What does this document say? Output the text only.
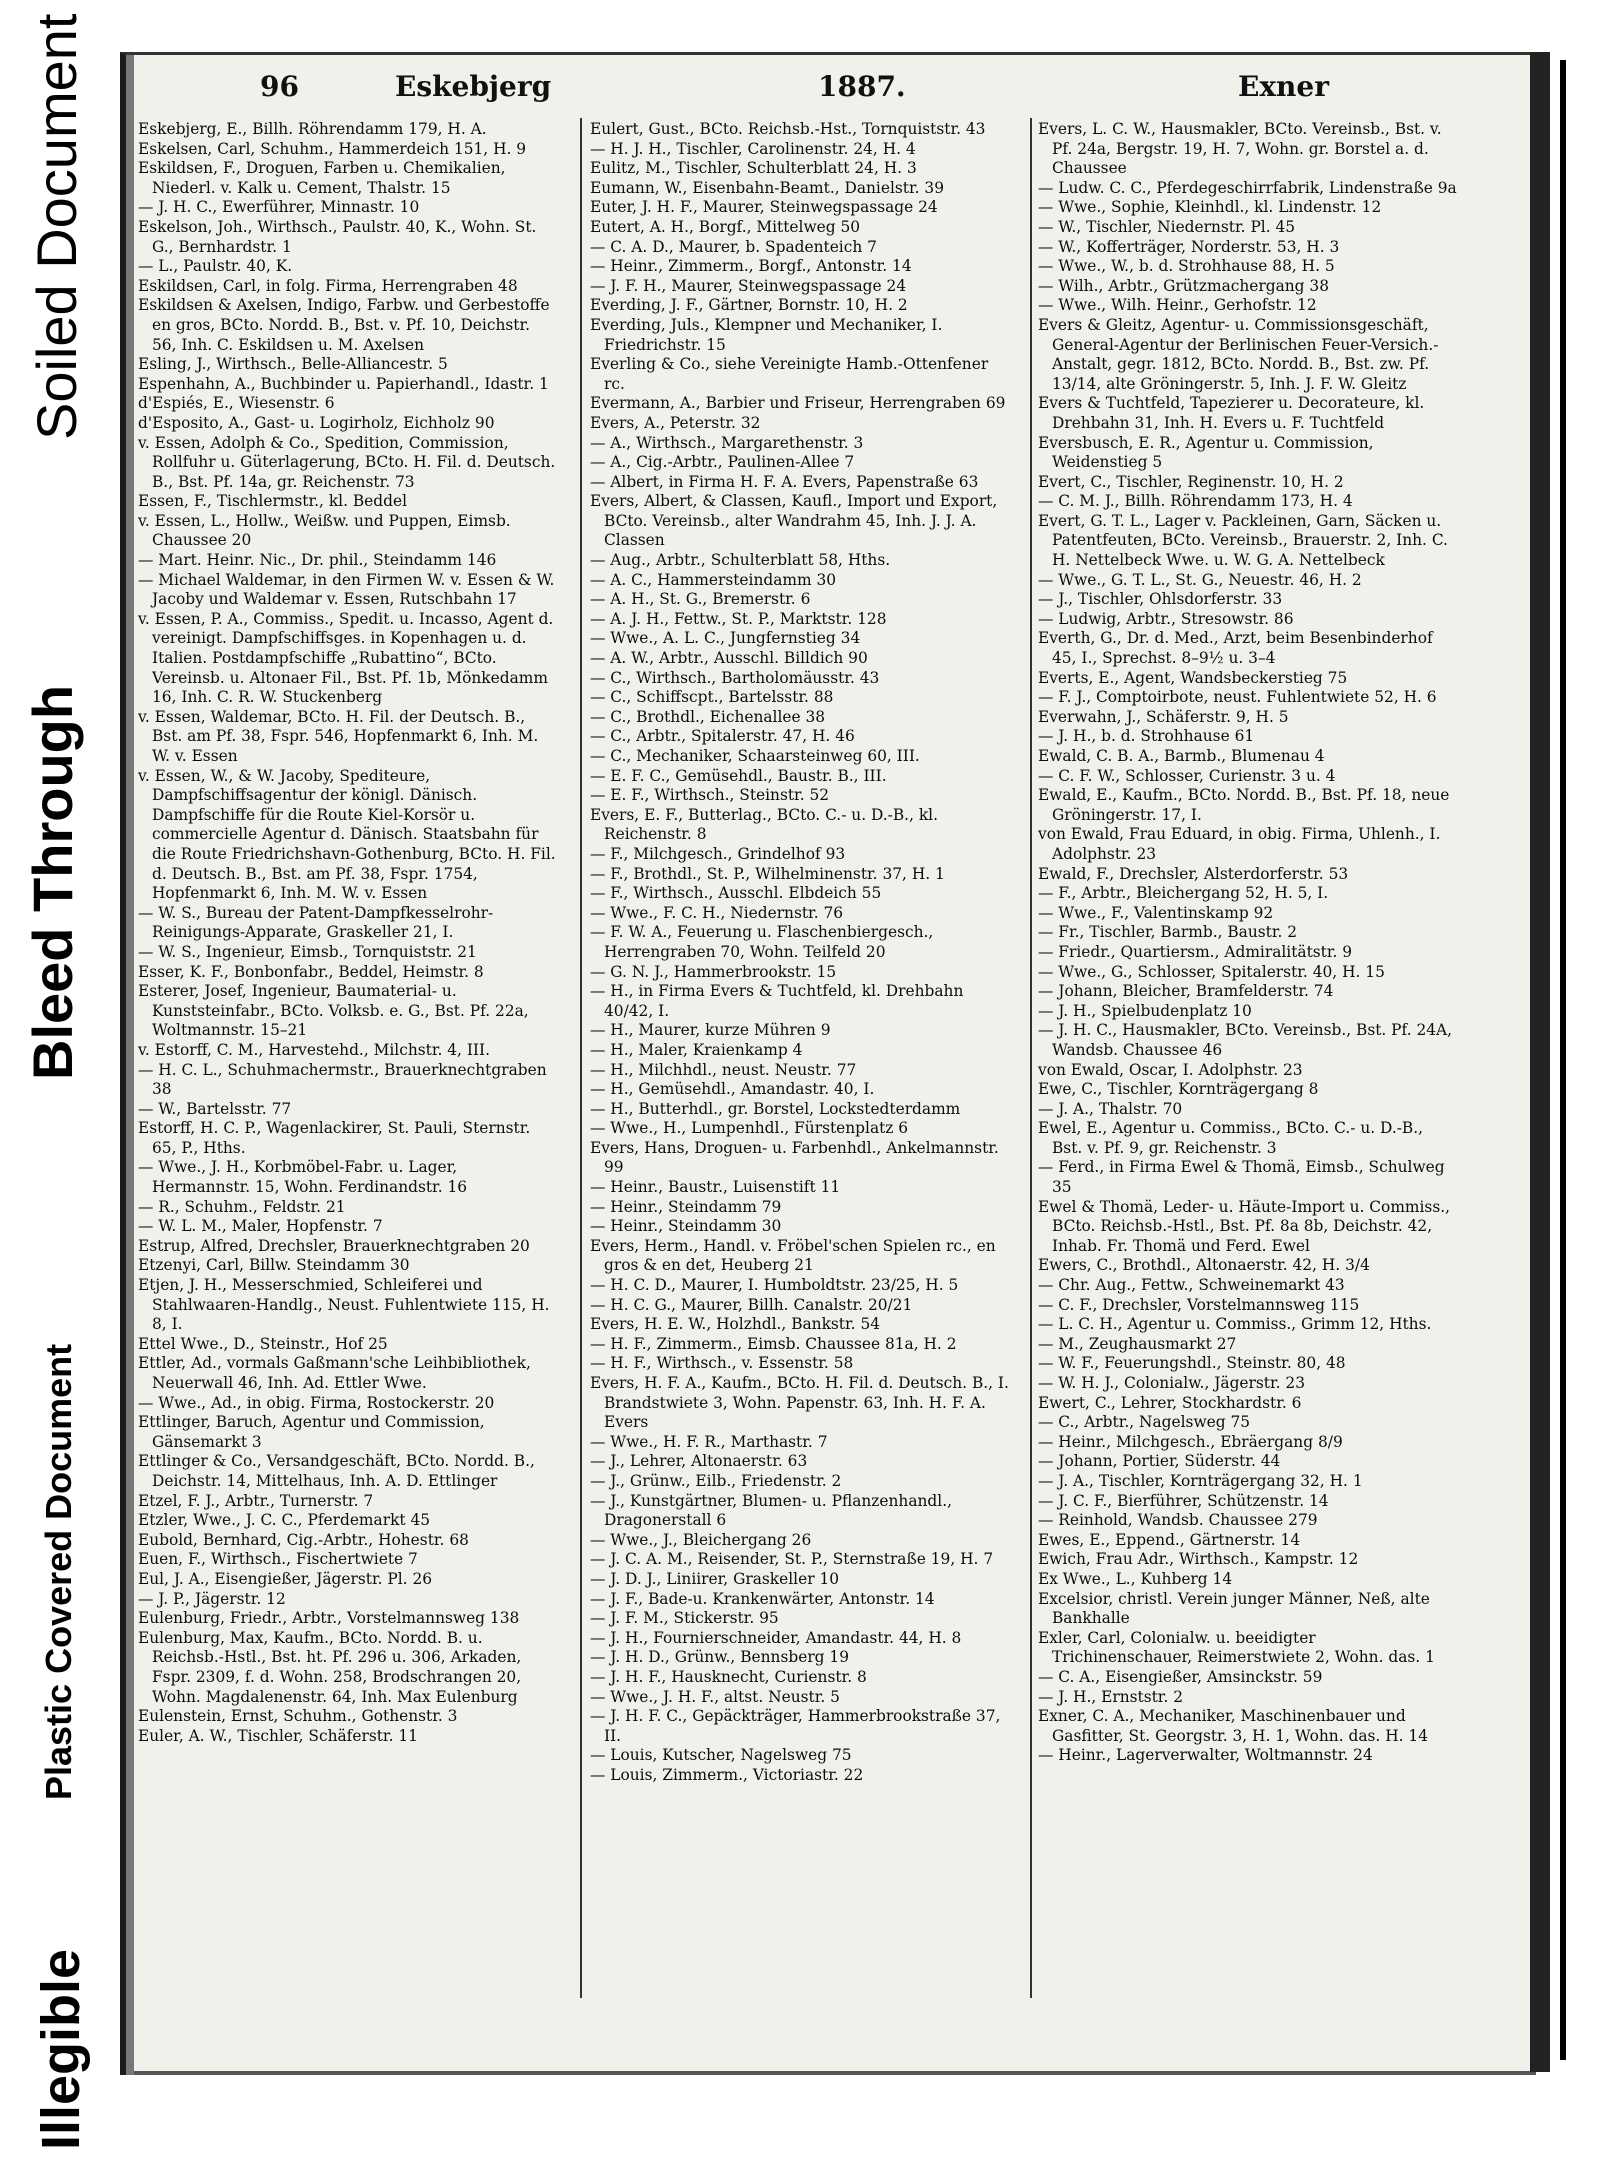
Illegible
Plastic Covered Document
Bleed Through
Soiled Document	96	Eskebjerg	1887.	Exner

Eskebjerg, E., Billh. Röhrendamm 179, H. A.

Eskelsen, Carl, Schuhm., Hammerdeich 151, H. 9

Eskildsen, F., Droguen, Farben u. Chemikalien, Niederl. v. Kalk u. Cement, Thalstr. 15

— J. H. C., Ewerführer, Minnastr. 10

Eskelson, Joh., Wirthsch., Paulstr. 40, K., Wohn. St. G., Bernhardstr. 1

— L., Paulstr. 40, K.

Eskildsen, Carl, in folg. Firma, Herrengraben 48

Eskildsen & Axelsen, Indigo, Farbw. und Gerbestoffe en gros, BCto. Nordd. B., Bst. v. Pf. 10, Deichstr. 56, Inh. C. Eskildsen u. M. Axelsen

Esling, J., Wirthsch., Belle-Alliancestr. 5

Espenhahn, A., Buchbinder u. Papierhandl., Idastr. 1

d'Espiés, E., Wiesenstr. 6

d'Esposito, A., Gast- u. Logirholz, Eichholz 90

v. Essen, Adolph & Co., Spedition, Commission, Rollfuhr u. Güterlagerung, BCto. H. Fil. d. Deutsch. B., Bst. Pf. 14a, gr. Reichenstr. 73

Essen, F., Tischlermstr., kl. Beddel

v. Essen, L., Hollw., Weißw. und Puppen, Eimsb. Chaussee 20

— Mart. Heinr. Nic., Dr. phil., Steindamm 146

— Michael Waldemar, in den Firmen W. v. Essen & W. Jacoby und Waldemar v. Essen, Rutschbahn 17

v. Essen, P. A., Commiss., Spedit. u. Incasso, Agent d. vereinigt. Dampfschiffsges. in Kopenhagen u. d. Italien. Postdampfschiffe „Rubattino“, BCto. Vereinsb. u. Altonaer Fil., Bst. Pf. 1b, Mönkedamm 16, Inh. C. R. W. Stuckenberg

v. Essen, Waldemar, BCto. H. Fil. der Deutsch. B., Bst. am Pf. 38, Fspr. 546, Hopfenmarkt 6, Inh. M. W. v. Essen

v. Essen, W., & W. Jacoby, Spediteure, Dampfschiffsagentur der königl. Dänisch. Dampfschiffe für die Route Kiel-Korsör u. commercielle Agentur d. Dänisch. Staatsbahn für die Route Friedrichshavn-Gothenburg, BCto. H. Fil. d. Deutsch. B., Bst. am Pf. 38, Fspr. 1754, Hopfenmarkt 6, Inh. M. W. v. Essen

— W. S., Bureau der Patent-Dampfkesselrohr-Reinigungs-Apparate, Graskeller 21, I.

— W. S., Ingenieur, Eimsb., Tornquiststr. 21

Esser, K. F., Bonbonfabr., Beddel, Heimstr. 8

Esterer, Josef, Ingenieur, Baumaterial- u. Kunststeinfabr., BCto. Volksb. e. G., Bst. Pf. 22a, Woltmannstr. 15–21

v. Estorff, C. M., Harvestehd., Milchstr. 4, III.

— H. C. L., Schuhmachermstr., Brauerknechtgraben 38

— W., Bartelsstr. 77

Estorff, H. C. P., Wagenlackirer, St. Pauli, Sternstr. 65, P., Hths.

— Wwe., J. H., Korbmöbel-Fabr. u. Lager, Hermannstr. 15, Wohn. Ferdinandstr. 16

— R., Schuhm., Feldstr. 21

— W. L. M., Maler, Hopfenstr. 7

Estrup, Alfred, Drechsler, Brauerknechtgraben 20

Etzenyi, Carl, Billw. Steindamm 30

Etjen, J. H., Messerschmied, Schleiferei und Stahlwaaren-Handlg., Neust. Fuhlentwiete 115, H. 8, I.

Ettel Wwe., D., Steinstr., Hof 25

Ettler, Ad., vormals Gaßmann'sche Leihbibliothek, Neuerwall 46, Inh. Ad. Ettler Wwe.

— Wwe., Ad., in obig. Firma, Rostockerstr. 20

Ettlinger, Baruch, Agentur und Commission, Gänsemarkt 3

Ettlinger & Co., Versandgeschäft, BCto. Nordd. B., Deichstr. 14, Mittelhaus, Inh. A. D. Ettlinger

Etzel, F. J., Arbtr., Turnerstr. 7

Etzler, Wwe., J. C. C., Pferdemarkt 45

Eubold, Bernhard, Cig.-Arbtr., Hohestr. 68

Euen, F., Wirthsch., Fischertwiete 7

Eul, J. A., Eisengießer, Jägerstr. Pl. 26

— J. P., Jägerstr. 12

Eulenburg, Friedr., Arbtr., Vorstelmannsweg 138

Eulenburg, Max, Kaufm., BCto. Nordd. B. u. Reichsb.-Hstl., Bst. ht. Pf. 296 u. 306, Arkaden, Fspr. 2309, f. d. Wohn. 258, Brodschrangen 20, Wohn. Magdalenenstr. 64, Inh. Max Eulenburg

Eulenstein, Ernst, Schuhm., Gothenstr. 3

Euler, A. W., Tischler, Schäferstr. 11

Eulert, Gust., BCto. Reichsb.-Hst., Tornquiststr. 43

— H. J. H., Tischler, Carolinenstr. 24, H. 4

Eulitz, M., Tischler, Schulterblatt 24, H. 3

Eumann, W., Eisenbahn-Beamt., Danielstr. 39

Euter, J. H. F., Maurer, Steinwegspassage 24

Eutert, A. H., Borgf., Mittelweg 50

— C. A. D., Maurer, b. Spadenteich 7

— Heinr., Zimmerm., Borgf., Antonstr. 14

— J. F. H., Maurer, Steinwegspassage 24

Everding, J. F., Gärtner, Bornstr. 10, H. 2

Everding, Juls., Klempner und Mechaniker, I. Friedrichstr. 15

Everling & Co., siehe Vereinigte Hamb.-Ottenfener rc.

Evermann, A., Barbier und Friseur, Herrengraben 69

Evers, A., Peterstr. 32

— A., Wirthsch., Margarethenstr. 3

— A., Cig.-Arbtr., Paulinen-Allee 7

— Albert, in Firma H. F. A. Evers, Papenstraße 63

Evers, Albert, & Classen, Kaufl., Import und Export, BCto. Vereinsb., alter Wandrahm 45, Inh. J. J. A. Classen

— Aug., Arbtr., Schulterblatt 58, Hths.

— A. C., Hammersteindamm 30

— A. H., St. G., Bremerstr. 6

— A. J. H., Fettw., St. P., Marktstr. 128

— Wwe., A. L. C., Jungfernstieg 34

— A. W., Arbtr., Ausschl. Billdich 90

— C., Wirthsch., Bartholomäusstr. 43

— C., Schiffscpt., Bartelsstr. 88

— C., Brothdl., Eichenallee 38

— C., Arbtr., Spitalerstr. 47, H. 46

— C., Mechaniker, Schaarsteinweg 60, III.

— E. F. C., Gemüsehdl., Baustr. B., III.

— E. F., Wirthsch., Steinstr. 52

Evers, E. F., Butterlag., BCto. C.- u. D.-B., kl. Reichenstr. 8

— F., Milchgesch., Grindelhof 93

— F., Brothdl., St. P., Wilhelminenstr. 37, H. 1

— F., Wirthsch., Ausschl. Elbdeich 55

— Wwe., F. C. H., Niedernstr. 76

— F. W. A., Feuerung u. Flaschenbiergesch., Herrengraben 70, Wohn. Teilfeld 20

— G. N. J., Hammerbrookstr. 15

— H., in Firma Evers & Tuchtfeld, kl. Drehbahn 40/42, I.

— H., Maurer, kurze Mühren 9

— H., Maler, Kraienkamp 4

— H., Milchhdl., neust. Neustr. 77

— H., Gemüsehdl., Amandastr. 40, I.

— H., Butterhdl., gr. Borstel, Lockstedterdamm

— Wwe., H., Lumpenhdl., Fürstenplatz 6

Evers, Hans, Droguen- u. Farbenhdl., Ankelmannstr. 99

— Heinr., Baustr., Luisenstift 11

— Heinr., Steindamm 79

— Heinr., Steindamm 30

Evers, Herm., Handl. v. Fröbel'schen Spielen rc., en gros & en det, Heuberg 21

— H. C. D., Maurer, I. Humboldtstr. 23/25, H. 5

— H. C. G., Maurer, Billh. Canalstr. 20/21

Evers, H. E. W., Holzhdl., Bankstr. 54

— H. F., Zimmerm., Eimsb. Chaussee 81a, H. 2

— H. F., Wirthsch., v. Essenstr. 58

Evers, H. F. A., Kaufm., BCto. H. Fil. d. Deutsch. B., I. Brandstwiete 3, Wohn. Papenstr. 63, Inh. H. F. A. Evers

— Wwe., H. F. R., Marthastr. 7

— J., Lehrer, Altonaerstr. 63

— J., Grünw., Eilb., Friedenstr. 2

— J., Kunstgärtner, Blumen- u. Pflanzenhandl., Dragonerstall 6

— Wwe., J., Bleichergang 26

— J. C. A. M., Reisender, St. P., Sternstraße 19, H. 7

— J. D. J., Liniirer, Graskeller 10

— J. F., Bade-u. Krankenwärter, Antonstr. 14

— J. F. M., Stickerstr. 95

— J. H., Fournierschneider, Amandastr. 44, H. 8

— J. H. D., Grünw., Bennsberg 19

— J. H. F., Hausknecht, Curienstr. 8

— Wwe., J. H. F., altst. Neustr. 5

— J. H. F. C., Gepäckträger, Hammerbrookstraße 37, II.

— Louis, Kutscher, Nagelsweg 75

— Louis, Zimmerm., Victoriastr. 22

Evers, L. C. W., Hausmakler, BCto. Vereinsb., Bst. v. Pf. 24a, Bergstr. 19, H. 7, Wohn. gr. Borstel a. d. Chaussee

— Ludw. C. C., Pferdegeschirrfabrik, Lindenstraße 9a

— Wwe., Sophie, Kleinhdl., kl. Lindenstr. 12

— W., Tischler, Niedernstr. Pl. 45

— W., Kofferträger, Norderstr. 53, H. 3

— Wwe., W., b. d. Strohhause 88, H. 5

— Wilh., Arbtr., Grützmachergang 38

— Wwe., Wilh. Heinr., Gerhofstr. 12

Evers & Gleitz, Agentur- u. Commissionsgeschäft, General-Agentur der Berlinischen Feuer-Versich.-Anstalt, gegr. 1812, BCto. Nordd. B., Bst. zw. Pf. 13/14, alte Gröningerstr. 5, Inh. J. F. W. Gleitz

Evers & Tuchtfeld, Tapezierer u. Decorateure, kl. Drehbahn 31, Inh. H. Evers u. F. Tuchtfeld

Eversbusch, E. R., Agentur u. Commission, Weidenstieg 5

Evert, C., Tischler, Reginenstr. 10, H. 2

— C. M. J., Billh. Röhrendamm 173, H. 4

Evert, G. T. L., Lager v. Packleinen, Garn, Säcken u. Patentfeuten, BCto. Vereinsb., Brauerstr. 2, Inh. C. H. Nettelbeck Wwe. u. W. G. A. Nettelbeck

— Wwe., G. T. L., St. G., Neuestr. 46, H. 2

— J., Tischler, Ohlsdorferstr. 33

— Ludwig, Arbtr., Stresowstr. 86

Everth, G., Dr. d. Med., Arzt, beim Besenbinderhof 45, I., Sprechst. 8–9½ u. 3–4

Everts, E., Agent, Wandsbeckerstieg 75

— F. J., Comptoirbote, neust. Fuhlentwiete 52, H. 6

Everwahn, J., Schäferstr. 9, H. 5

— J. H., b. d. Strohhause 61

Ewald, C. B. A., Barmb., Blumenau 4

— C. F. W., Schlosser, Curienstr. 3 u. 4

Ewald, E., Kaufm., BCto. Nordd. B., Bst. Pf. 18, neue Gröningerstr. 17, I.

von Ewald, Frau Eduard, in obig. Firma, Uhlenh., I. Adolphstr. 23

Ewald, F., Drechsler, Alsterdorferstr. 53

— F., Arbtr., Bleichergang 52, H. 5, I.

— Wwe., F., Valentinskamp 92

— Fr., Tischler, Barmb., Baustr. 2

— Friedr., Quartiersm., Admiralitätstr. 9

— Wwe., G., Schlosser, Spitalerstr. 40, H. 15

— Johann, Bleicher, Bramfelderstr. 74

— J. H., Spielbudenplatz 10

— J. H. C., Hausmakler, BCto. Vereinsb., Bst. Pf. 24A, Wandsb. Chaussee 46

von Ewald, Oscar, I. Adolphstr. 23

Ewe, C., Tischler, Kornträgergang 8

— J. A., Thalstr. 70

Ewel, E., Agentur u. Commiss., BCto. C.- u. D.-B., Bst. v. Pf. 9, gr. Reichenstr. 3

— Ferd., in Firma Ewel & Thomä, Eimsb., Schulweg 35

Ewel & Thomä, Leder- u. Häute-Import u. Commiss., BCto. Reichsb.-Hstl., Bst. Pf. 8a 8b, Deichstr. 42, Inhab. Fr. Thomä und Ferd. Ewel

Ewers, C., Brothdl., Altonaerstr. 42, H. 3/4

— Chr. Aug., Fettw., Schweinemarkt 43

— C. F., Drechsler, Vorstelmannsweg 115

— L. C. H., Agentur u. Commiss., Grimm 12, Hths.

— M., Zeughausmarkt 27

— W. F., Feuerungshdl., Steinstr. 80, 48

— W. H. J., Colonialw., Jägerstr. 23

Ewert, C., Lehrer, Stockhardstr. 6

— C., Arbtr., Nagelsweg 75

— Heinr., Milchgesch., Ebräergang 8/9

— Johann, Portier, Süderstr. 44

— J. A., Tischler, Kornträgergang 32, H. 1

— J. C. F., Bierführer, Schützenstr. 14

— Reinhold, Wandsb. Chaussee 279

Ewes, E., Eppend., Gärtnerstr. 14

Ewich, Frau Adr., Wirthsch., Kampstr. 12

Ex Wwe., L., Kuhberg 14

Excelsior, christl. Verein junger Männer, Neß, alte Bankhalle

Exler, Carl, Colonialw. u. beeidigter Trichinenschauer, Reimerstwiete 2, Wohn. das. 1

— C. A., Eisengießer, Amsinckstr. 59

— J. H., Ernststr. 2

Exner, C. A., Mechaniker, Maschinenbauer und Gasfitter, St. Georgstr. 3, H. 1, Wohn. das. H. 14

— Heinr., Lagerverwalter, Woltmannstr. 24
